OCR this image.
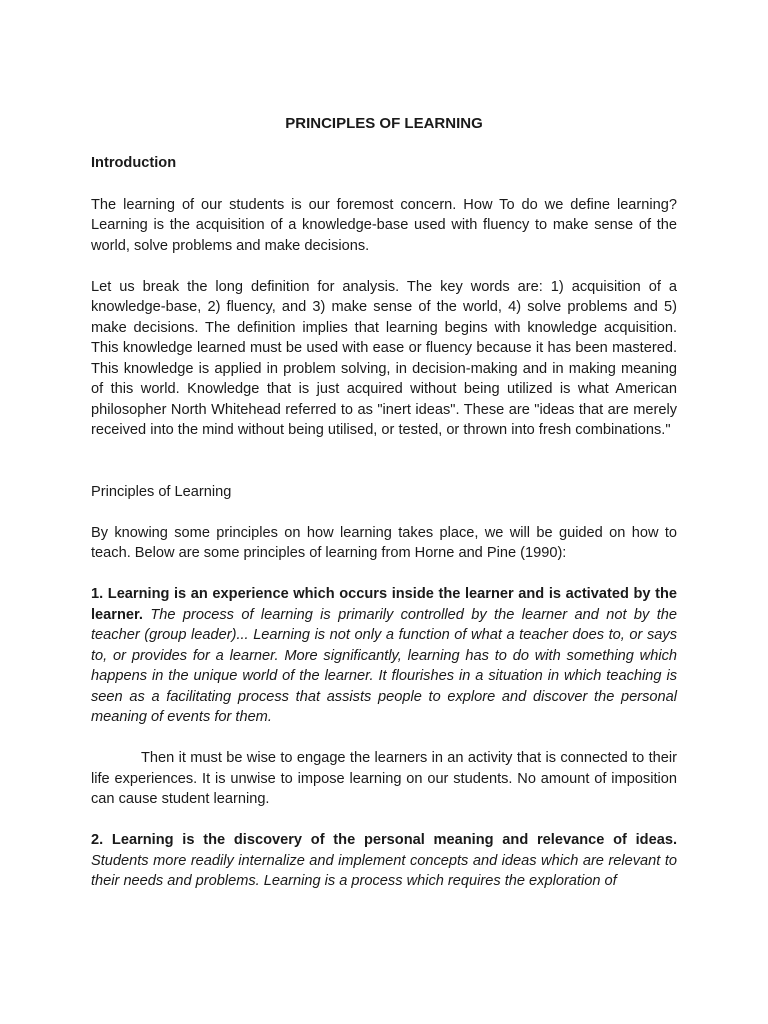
PRINCIPLES OF LEARNING
Introduction

The learning of our students is our foremost concern. How To do we define learning? Learning is the acquisition of a knowledge-base used with fluency to make sense of the world, solve problems and make decisions.

Let us break the long definition for analysis. The key words are: 1) acquisition of a knowledge-base, 2) fluency, and 3) make sense of the world, 4) solve problems and 5) make decisions. The definition implies that learning begins with knowledge acquisition. This knowledge learned must be used with ease or fluency because it has been mastered. This knowledge is applied in problem solving, in decision-making and in making meaning of this world. Knowledge that is just acquired without being utilized is what American philosopher North Whitehead referred to as "inert ideas". These are "ideas that are merely received into the mind without being utilised, or tested, or thrown into fresh combinations."

Principles of Learning

By knowing some principles on how learning takes place, we will be guided on how to teach. Below are some principles of learning from Horne and Pine (1990):

1. Learning is an experience which occurs inside the learner and is activated by the learner. The process of learning is primarily controlled by the learner and not by the teacher (group leader)... Learning is not only a function of what a teacher does to, or says to, or provides for a learner. More significantly, learning has to do with something which happens in the unique world of the learner. It flourishes in a situation in which teaching is seen as a facilitating process that assists people to explore and discover the personal meaning of events for them.

Then it must be wise to engage the learners in an activity that is connected to their life experiences. It is unwise to impose learning on our students. No amount of imposition can cause student learning.

2. Learning is the discovery of the personal meaning and relevance of ideas. Students more readily internalize and implement concepts and ideas which are relevant to their needs and problems. Learning is a process which requires the exploration of
